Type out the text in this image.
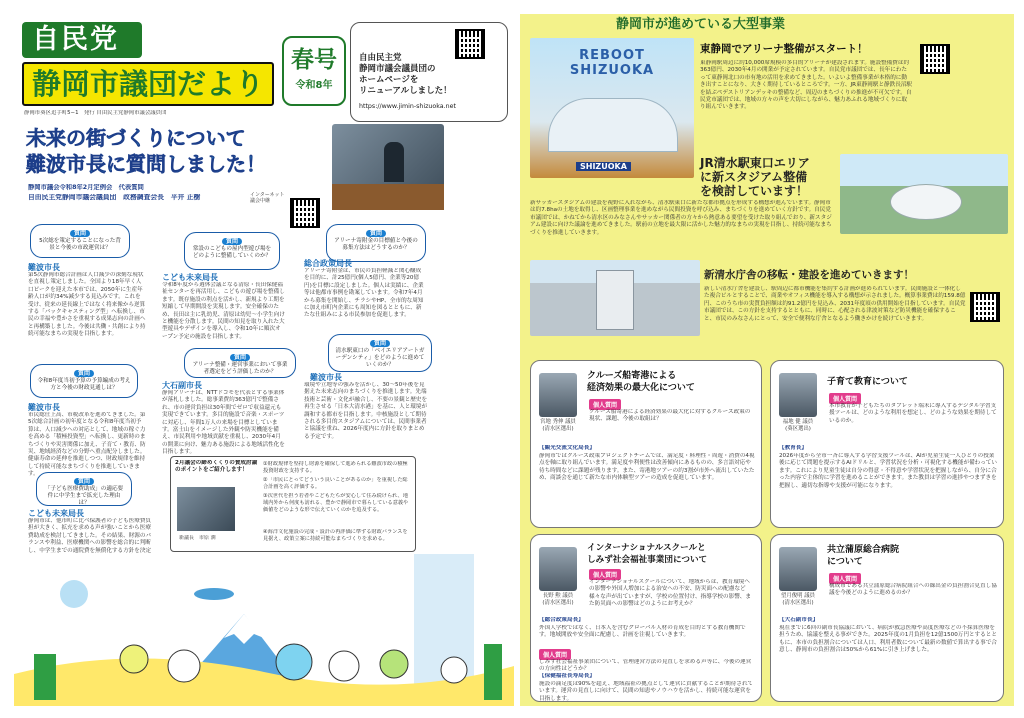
自民党
静岡市議団だより
静岡市葵区追手町5−1　発行 自由民主党静岡市議会議員団
春号
令和8年
自由民主党
静岡市議会議員団の
ホームページを
リニューアルしました！
https://www.jimin-shizuoka.net
未来の街づくりについて
難波市長に質問しました！
静岡市議会令和8年2月定例会　代表質問
自由民主党静岡市議会議員団　政務調査会長　平井 正樹	インターネット議会中継
質問
5次総を策定することになった背景と今後の市政運営は？
難波市長
第5次静岡市総合計画は人口減少の深刻な現状を直視し策定しました。全国より18年早く人口ピークを迎えた本市では、2050年に生産年齢人口が約34%減少する見込みです。これを受け、従来の延長線上ではなく将来像から逆算する「バックキャスティング型」へ転換し、市民の幸福や豊かさを重視する成果志向の計画へと再構築しました。今後は共働・共創により持続可能なまちの実現を目指します。
質問
令和8年度当初予算の予算編成の考え方と今後の財政見通しは？
難波市長
市民総仕上高、市税改革を進めてきました。第5次総合計画の初年度となる令和8年度当初予算は、人口減少への対応として、地域の稼ぐ力を高める「積極投資型」へ転換し、更新時のまちづくりや災害関係に加え、子育て・教育、防災、地域経済などの分野へ重点配分しました。健康寿命の延伸を推進しつつ、財政規律を維持して持続可能なまちづくりを推進していきます。
質問
「子ども医療費助成」の適応要件に中学生まで拡充した理由は？
こども未来局長
静岡市は、他市町に比べ保護者の子ども医療費負担が大きく、拡充を求める声が強いことから医療費助成を検討してきました。その結果、財源のバランスや利益、医療機関への影響を総合的に判断し、中学生までの通院費を無償化する方針を決定
質問
常設のこどもの屋内型遊び場をどのように整備していくのか？
こども未来局長
令和8年度から週休会議となる清原・長田保健福祉センターを再活用し、こどもの遊び場を整備します。既存施設の利点を活かし、新規より工期を短縮して早期開設を実現します。安全確保のため、長田は主に乳幼児、清原は幼児〜小学生向けと機能を分散します。民間の知見を取り入れた大型遊具やデザインを導入し、令和10年に順次オープン予定の施設を目指します。
質問
アリーナ整備・運営事業において事業者選定をどう評価したのか？
大石副市長
静岡アリーナは、NTTドコモを代表とする事業体が落札しました。総事業費約363億円で整備され、市の運営負担は30年間でゼロで収益還元も実現できています。多目的施設で音楽・スポーツに対応し、年間1万人の来場を目標としています。富士山をイメージした外観や防災機能を備え、市民利用や地域貢献を重視し、2030年4月の開業に向け、魅力ある施設による地域活性化を目指します。
2月議会の締めくくりの賛成討論のポイントをご紹介します！
新議長　市原 潤
①財政規律を堅持し財源を確保して進められる難波市政の積極投資財政を支持する。
②「市民にとってどういう良いことがあるのか」を重視した総合計画を高く評価する。
③次世代を担う若者やこどもたちが安心して住み続けられ、地域内外から何度も訪れる、豊かで静岡市で暮らしている意義や価値をどのような形で伝えていくのかを追及する。
④海洋文化施設の完成・設計の再評価に準ずる財政バランスを見据え、政策立案に持続可能なまちづくりを求める。
質問
アリーナ寄附金の目標値と今後の募集方法はどうするのか？
総合政策局長
アリーナ寄附金は、市民の負担軽減と関心醸成を目的に、計25億円(個人5億円、企業等20億円)を目標に設定しました。個人は実績に、企業等は他都市事例を勘案しています。令和7年4月から募集を開始し、チラシやHP、全市的な周知に加え市町内企業にも周知を図るとともに、新たな仕組みによる市民参加を促進します。
質問
清水駅東口の「ベイエリアアートガーデンシティ」をどのように進めていくのか？
難波市長
環境や立地等の強みを活かし、30〜50年後を見据えた未来志向のまちづくりを推進します。先端技術と芸術・文化が融合し、不要の景観と歴史を再生させる「日本大清水港」を基に、人と環境が調和する都市を目指します。中核施設として期待される多目的スタジアムについては、民間事業者と協議を重ね、2026年度内に方針を取りまとめる予定です。
静岡市が進めている大型事業
REBOOT SHIZUOKA
SHIZUOKA
東静岡でアリーナ整備がスタート！
東静岡駅周辺に約10,000席規模の多目的アリーナが建設されます。施設整備費は約363億円、2030年4月の開業が予定されています。自民党市議団では、長年にわたって東静岡北口の市有地の活用を求めてきました。いよいよ整備事業が本格的に動き出すことになり、大きく期待しているところです。一方、JR東静岡駅と静鉄長沼駅を結ぶペデストリアンデッキの整備など、周辺のまちづくりの推進が不可欠です。自民党市議団では、地域の方々の声を大切にしながら、魅力あふれる地域づくりに取り組んでいきます。
JR清水駅東口エリア
に新スタジアム整備
を検討しています！
新サッカースタジアムの建設を視野に入れながら、清水駅東口に新たな都市拠点を形成する構想が進んでいます。静岡市は約7.8haの土地を取得し、区画整理事業を進めながら民間投資を呼び込み、まちづくりを進めていく方針です。自民党市議団では、かねてから清水区のみなさんやサッカー関係者の方々から熱意ある要望を受けた取り組んでおり、新スタジアム建設に向けた議論を進めてきました。駅前の立地を最大限に活かした魅力的なまちの実現を目指し、持続可能なまちづくりを推進していきます。
新清水庁舎の移転・建設を進めていきます！
新しい清水庁舎を建設し、駅周辺に都市機能を集約する計画が進められています。民間施設と一体化した複合ビルとすることで、商業やオフィス機能を導入する構想が示されました。概算事業費は約159.8億円、このうち市の実質負担額は約91.2億円を見込み、2031年度頃の供用開始を目指しています。自民党市議団では、この方針を支持するとともに、同時に、心配される津波対策など防災機能を確保すること、市民のみなさんにとって、安全で便利な庁舎となるよう働きかけを続けていきます。
宮地 秀伸 議員
(清水区選出)
クルーズ船寄港による
経済効果の最大化について
個人質問
クルーズ船寄港による経済効果の最大化に対するクルーズ政策の現状、課題、今後の取組は？
【観光交流文化局長】
静岡市ではクルーズ政策プロジェクトチームでは、満足度・料理性・周遊・消費の4視点を軸に取り組んでいます。満足度や利便性は改善傾向にあるものの、多言語対応や待ち時間などに課題が残ります。また、寄港地ツアーの約3割が市外へ流出していたため、商談会を通じて新たな市内体験型ツアーの造成を促進しています。
福地 健 議員
(葵区選出)
子育て教育について
個人質問
本市教育が子どもたちのタブレット端末に導入するデジタル学習支援ツールは、どのような利用を想定し、どのような効果を期待しているのか。
【教育長】
2026年度から全市一斉に導入する学習支援ツールは、AIが児童生徒一人ひとりの授業後に応じて問題を提示するAIドリルと、学習状況を分析・可視化する機能が備わっています。これにより児童生徒は自分の得意・不得意や学習状況を把握しながら、自分に合った内容で主体的に学習を進めることができます。また教員は学習の進捗やつまずきを把握し、適切な指導や支援が可能になります。
長野 勲 議員
(清水区選出)
インターナショナルスクールと
しみず社会福祉事業団について
個人質問
インターナショナルスクールについて、地域からは、教育環境への影響や外国人増加による治安への不安、防災面への配慮など様々な声が出ていますが、学校の位置付け、指導学校の影響、また防災面への影響はどのようにお考えか？
【総合政策局長】
外国人学校ではなく、日本人を含むグローバル人材の育成を目的とする教育機関です。地域開放や安全面に配慮し、計画を注視していきます。
個人質問
しみず社会福祉事業団について、管理運営方法の見直しを求める声等に、今後の運営の方向性はどうか？
【保健福祉長寿局長】
施設の満足度は90%を超え、地域福祉の拠点として運営に貢献することが期待されています。運営の見直しに向けて、民間の知恵やノウハウを活かし、持続可能な運営を目指します。
望月俊明 議員
(清水区選出)
共立蒲原総合病院
について
個人質問
構成市である共立蒲原総合病院組合への繰出金の負担割合見直し協議を今後どのように進めるのか？
【大石副市長】
現在までに6回の副市長協議において、病院が救急医療や高度医療などの不採算医療を担うため、協議を整える事ができた。2025年度の1月負担を12億1500万円とするとともに、本市の負担割合については人口、利用者数について最新の数値で算出する事で合意し、静岡市の負担割合は50%から61%に引き上げました。
